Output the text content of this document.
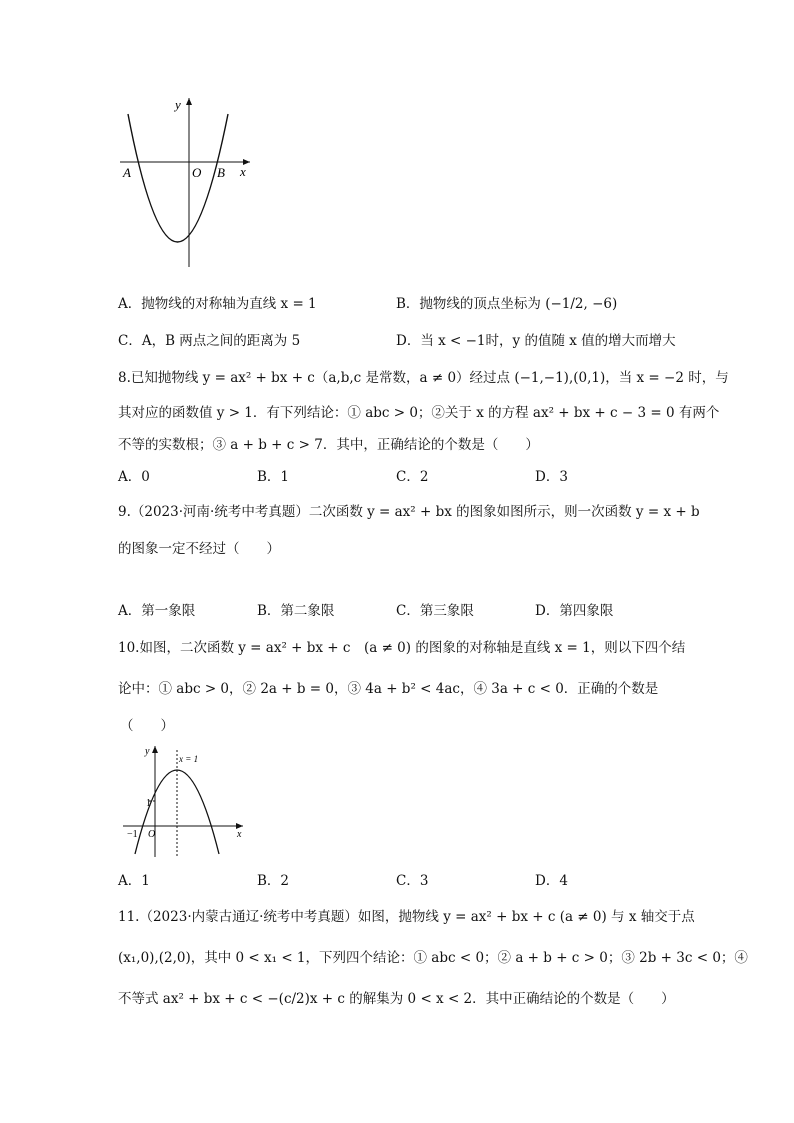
y
x
A	O B
A．抛物线的对称轴为直线 x = 1	B．抛物线的顶点坐标为 (−1/2, −6)
C．A，B 两点之间的距离为 5	D．当 x < −1时，y 的值随 x 值的增大而增大
8.已知抛物线 y = ax² + bx + c（a,b,c 是常数，a ≠ 0）经过点 (−1,−1),(0,1)，当 x = −2 时，与
其对应的函数值 y > 1．有下列结论：① abc > 0；②关于 x 的方程 ax² + bx + c − 3 = 0 有两个
不等的实数根；③ a + b + c > 7．其中，正确结论的个数是（　　）
A．0	B．1	C．2	D．3
9.（2023·河南·统考中考真题）二次函数 y = ax² + bx 的图象如图所示，则一次函数 y = x + b
的图象一定不经过（　　）
A．第一象限	B．第二象限	C．第三象限	D．第四象限
10.如图，二次函数 y = ax² + bx + c　(a ≠ 0) 的图象的对称轴是直线 x = 1，则以下四个结
论中：① abc > 0，② 2a + b = 0，③ 4a + b² < 4ac，④ 3a + c < 0．正确的个数是
（　　）
y
x
x = 1
1
−1 O
A．1	B．2	C．3	D．4
11.（2023·内蒙古通辽·统考中考真题）如图，抛物线 y = ax² + bx + c (a ≠ 0) 与 x 轴交于点
(x₁,0),(2,0)，其中 0 < x₁ < 1，下列四个结论：① abc < 0；② a + b + c > 0；③ 2b + 3c < 0；④
不等式 ax² + bx + c < −(c/2)x + c 的解集为 0 < x < 2．其中正确结论的个数是（　　）
